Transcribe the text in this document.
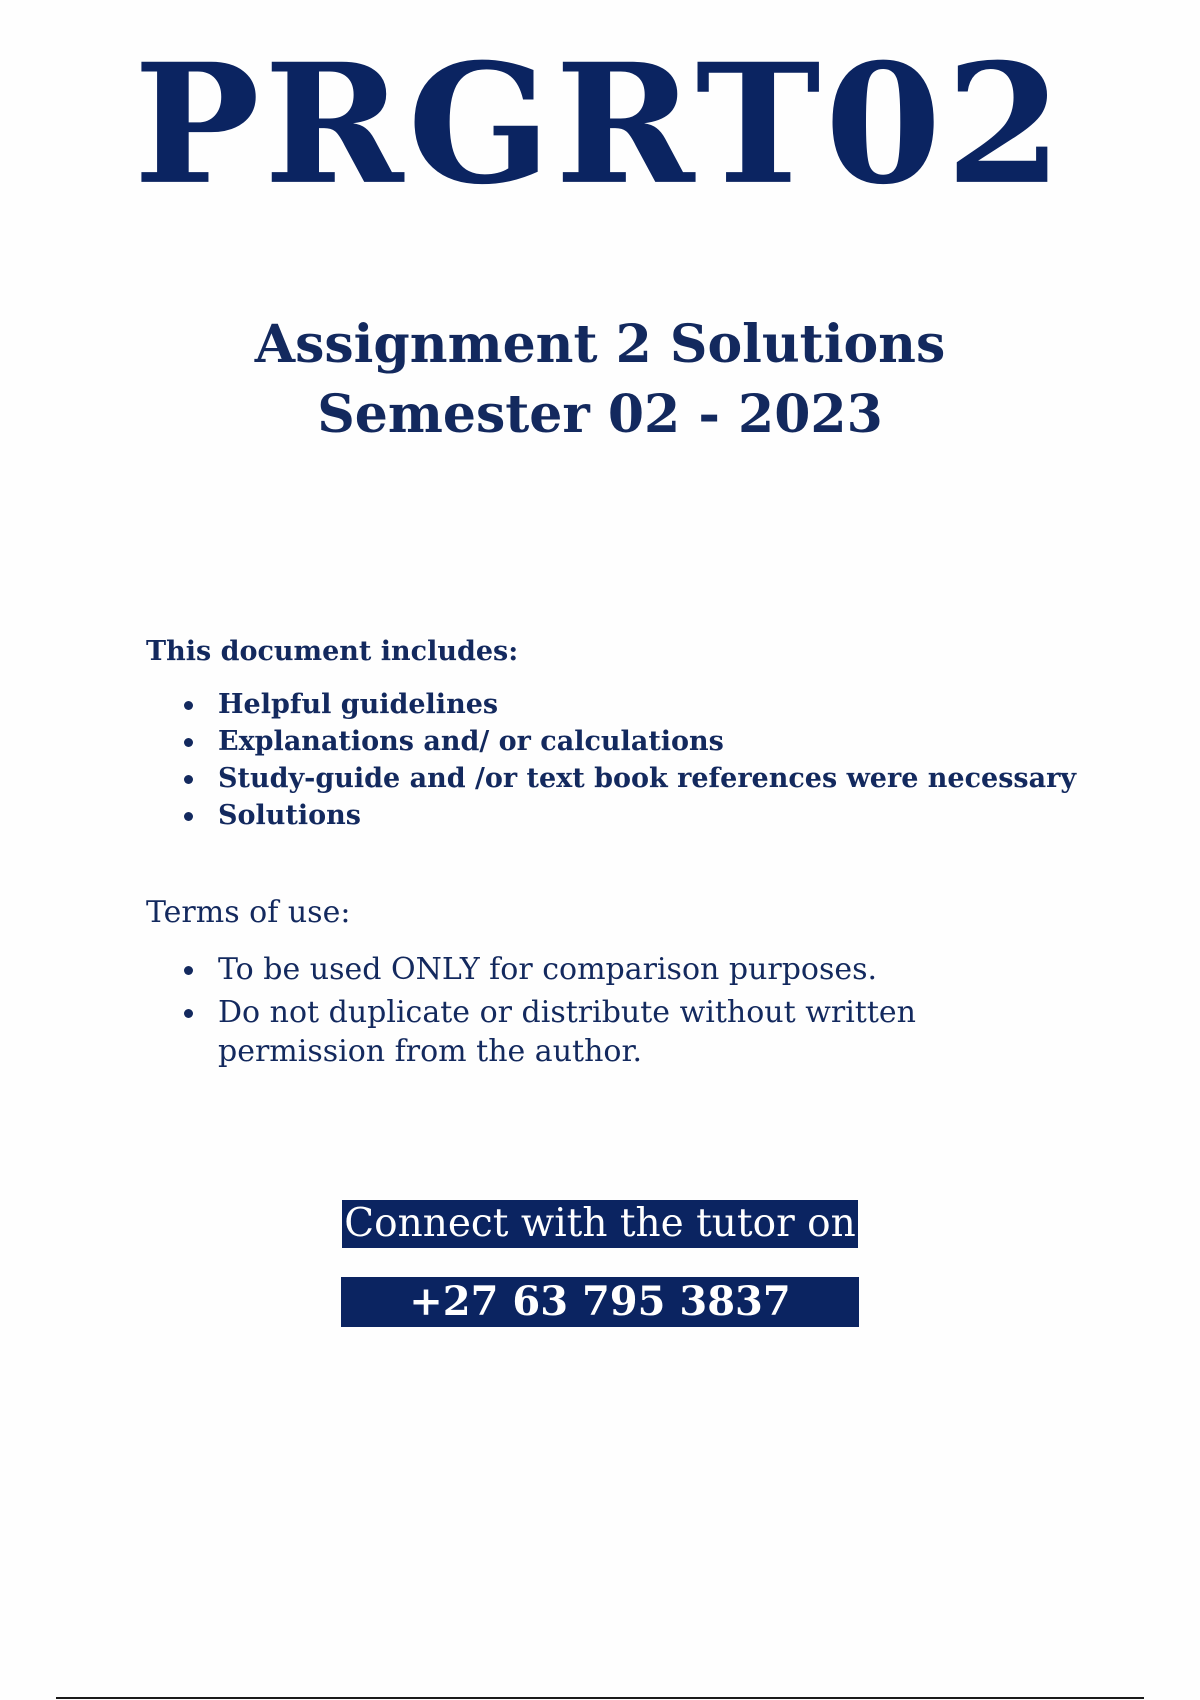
PRGRT02
Assignment 2 Solutions
Semester 02 - 2023
This document includes:
Helpful guidelines
Explanations and/ or calculations
Study-guide and /or text book references were necessary
Solutions
Terms of use:
To be used ONLY for comparison purposes.
Do not duplicate or distribute without written permission from the author.
Connect with the tutor on
+27 63 795 3837
